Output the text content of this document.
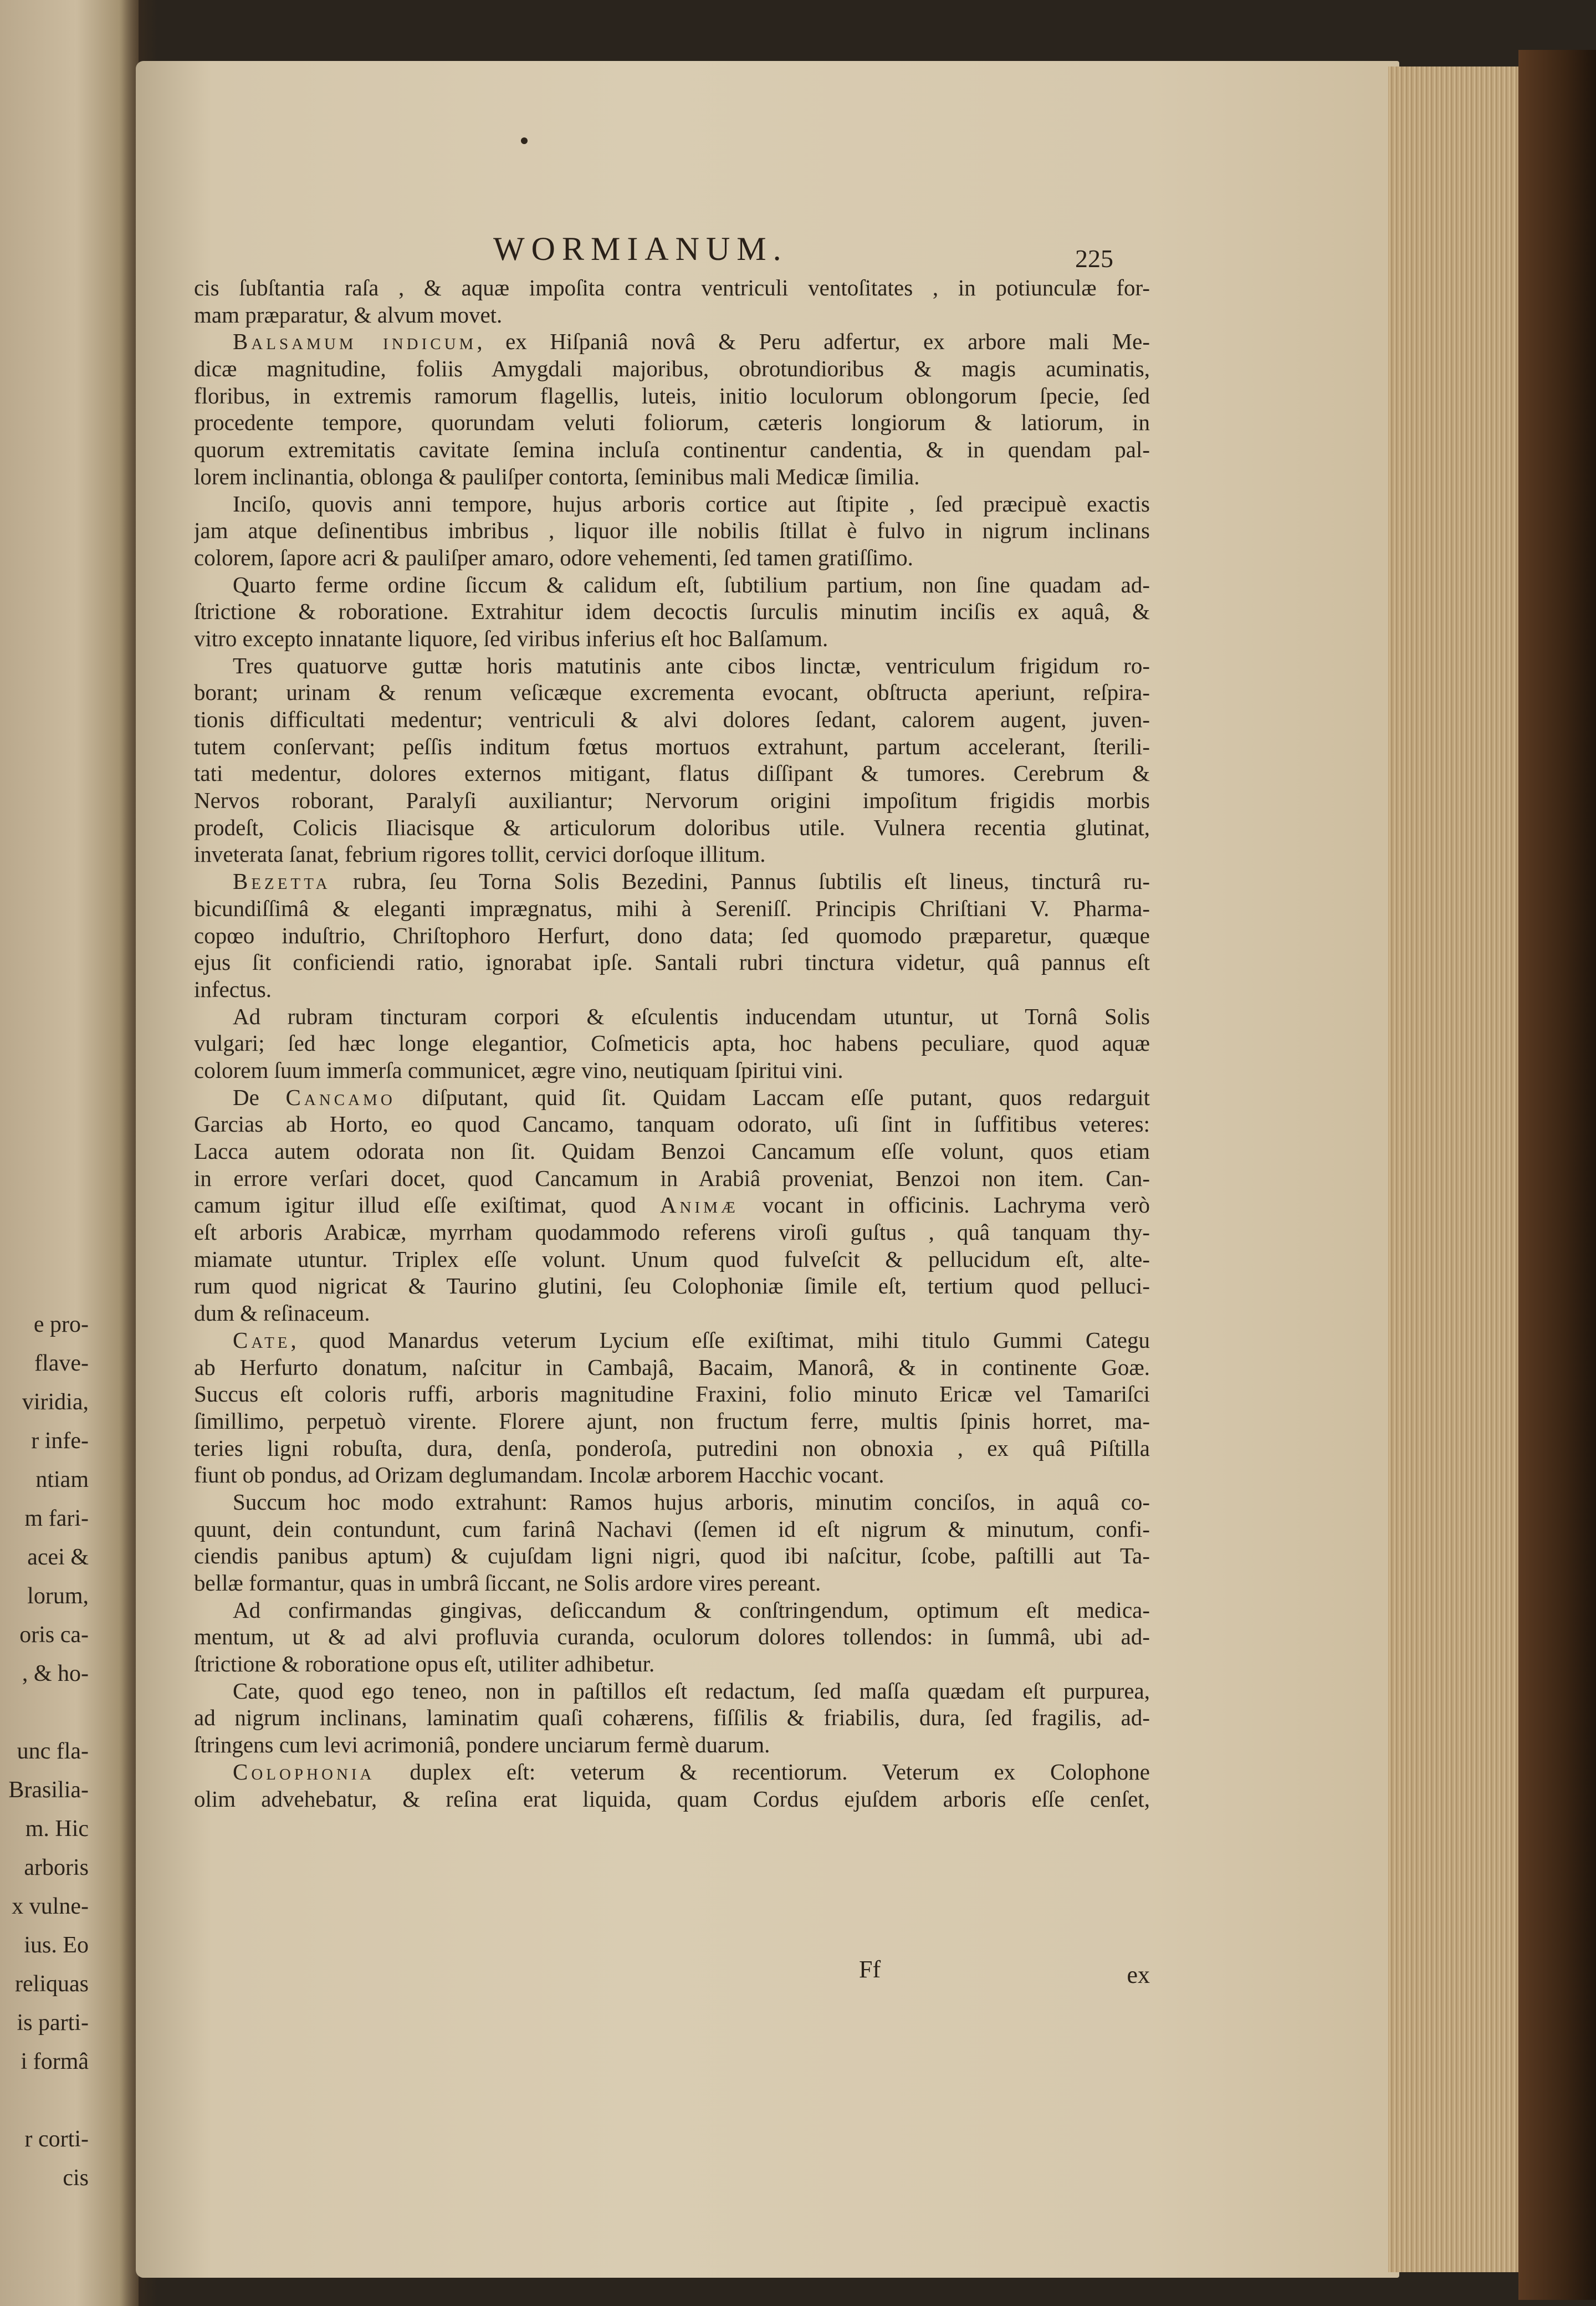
e pro-
flave-
viridia,
r infe-
ntiam
m fari-
acei &
lorum,
oris ca-
, & ho-

unc fla-
Brasilia-
m. Hic
arboris
x vulne-
ius. Eo
reliquas
is parti-
i formâ

r corti-
cis
WORMIANUM.	225
cis ſubſtantia raſa , & aquæ impoſita contra ventriculi ventoſitates , in potiunculæ for-
mam præparatur, & alvum movet.
Balsamum indicum, ex Hiſpaniâ novâ & Peru adfertur, ex arbore mali Me-
dicæ magnitudine, foliis Amygdali majoribus, obrotundioribus & magis acuminatis,
floribus, in extremis ramorum flagellis, luteis, initio loculorum oblongorum ſpecie, ſed
procedente tempore, quorundam veluti foliorum, cæteris longiorum & latiorum, in
quorum extremitatis cavitate ſemina incluſa continentur candentia, & in quendam pal-
lorem inclinantia, oblonga & pauliſper contorta, ſeminibus mali Medicæ ſimilia.
Inciſo, quovis anni tempore, hujus arboris cortice aut ſtipite , ſed præcipuè exactis
jam atque deſinentibus imbribus , liquor ille nobilis ſtillat è fulvo in nigrum inclinans
colorem, ſapore acri & pauliſper amaro, odore vehementi, ſed tamen gratiſſimo.
Quarto ferme ordine ſiccum & calidum eſt, ſubtilium partium, non ſine quadam ad-
ſtrictione & roboratione. Extrahitur idem decoctis ſurculis minutim inciſis ex aquâ, &
vitro excepto innatante liquore, ſed viribus inferius eſt hoc Balſamum.
Tres quatuorve guttæ horis matutinis ante cibos linctæ, ventriculum frigidum ro-
borant; urinam & renum veſicæque excrementa evocant, obſtructa aperiunt, reſpira-
tionis difficultati medentur; ventriculi & alvi dolores ſedant, calorem augent, juven-
tutem conſervant; peſſis inditum fœtus mortuos extrahunt, partum accelerant, ſterili-
tati medentur, dolores externos mitigant, flatus diſſipant & tumores. Cerebrum &
Nervos roborant, Paralyſi auxiliantur; Nervorum origini impoſitum frigidis morbis
prodeſt, Colicis Iliacisque & articulorum doloribus utile. Vulnera recentia glutinat,
inveterata ſanat, febrium rigores tollit, cervici dorſoque illitum.
Bezetta rubra, ſeu Torna Solis Bezedini, Pannus ſubtilis eſt lineus, tincturâ ru-
bicundiſſimâ & eleganti imprægnatus, mihi à Sereniſſ. Principis Chriſtiani V. Pharma-
copœo induſtrio, Chriſtophoro Herfurt, dono data; ſed quomodo præparetur, quæque
ejus ſit conficiendi ratio, ignorabat ipſe. Santali rubri tinctura videtur, quâ pannus eſt
infectus.
Ad rubram tincturam corpori & eſculentis inducendam utuntur, ut Tornâ Solis
vulgari; ſed hæc longe elegantior, Coſmeticis apta, hoc habens peculiare, quod aquæ
colorem ſuum immerſa communicet, ægre vino, neutiquam ſpiritui vini.
De Cancamo diſputant, quid ſit. Quidam Laccam eſſe putant, quos redarguit
Garcias ab Horto, eo quod Cancamo, tanquam odorato, uſi ſint in ſuffitibus veteres:
Lacca autem odorata non ſit. Quidam Benzoi Cancamum eſſe volunt, quos etiam
in errore verſari docet, quod Cancamum in Arabiâ proveniat, Benzoi non item. Can-
camum igitur illud eſſe exiſtimat, quod Animæ vocant in officinis. Lachryma verò
eſt arboris Arabicæ, myrrham quodammodo referens viroſi guſtus , quâ tanquam thy-
miamate utuntur. Triplex eſſe volunt. Unum quod fulveſcit & pellucidum eſt, alte-
rum quod nigricat & Taurino glutini, ſeu Colophoniæ ſimile eſt, tertium quod pelluci-
dum & reſinaceum.
Cate, quod Manardus veterum Lycium eſſe exiſtimat, mihi titulo Gummi Categu
ab Herfurto donatum, naſcitur in Cambajâ, Bacaim, Manorâ, & in continente Goæ.
Succus eſt coloris ruffi, arboris magnitudine Fraxini, folio minuto Ericæ vel Tamariſci
ſimillimo, perpetuò virente. Florere ajunt, non fructum ferre, multis ſpinis horret, ma-
teries ligni robuſta, dura, denſa, ponderoſa, putredini non obnoxia , ex quâ Piſtilla
fiunt ob pondus, ad Orizam deglumandam. Incolæ arborem Hacchic vocant.
Succum hoc modo extrahunt: Ramos hujus arboris, minutim conciſos, in aquâ co-
quunt, dein contundunt, cum farinâ Nachavi (ſemen id eſt nigrum & minutum, confi-
ciendis panibus aptum) & cujuſdam ligni nigri, quod ibi naſcitur, ſcobe, paſtilli aut Ta-
bellæ formantur, quas in umbrâ ſiccant, ne Solis ardore vires pereant.
Ad confirmandas gingivas, deſiccandum & conſtringendum, optimum eſt medica-
mentum, ut & ad alvi profluvia curanda, oculorum dolores tollendos: in ſummâ, ubi ad-
ſtrictione & roboratione opus eſt, utiliter adhibetur.
Cate, quod ego teneo, non in paſtillos eſt redactum, ſed maſſa quædam eſt purpurea,
ad nigrum inclinans, laminatim quaſi cohærens, fiſſilis & friabilis, dura, ſed fragilis, ad-
ſtringens cum levi acrimoniâ, pondere unciarum fermè duarum.
Colophonia duplex eſt: veterum & recentiorum. Veterum ex Colophone
olim advehebatur, & reſina erat liquida, quam Cordus ejuſdem arboris eſſe cenſet,
Ff	ex
